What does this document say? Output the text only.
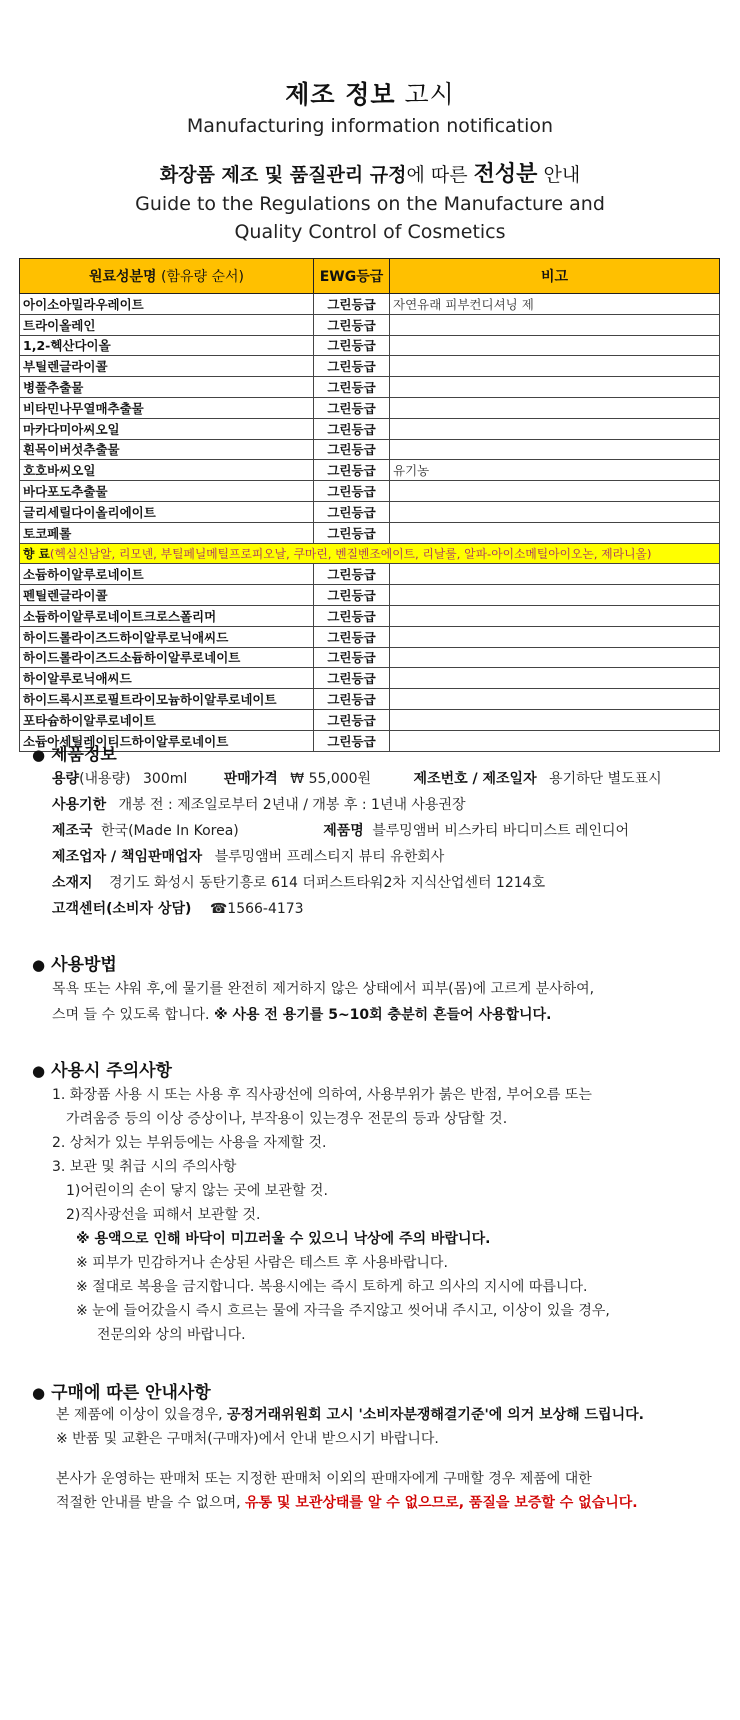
제조 정보 고시
Manufacturing information notification
화장품 제조 및 품질관리 규정에 따른 전성분 안내
Guide to the Regulations on the Manufacture and
Quality Control of Cosmetics
원료성분명 (함유량 순서)	EWG등급	비고
아이소아밀라우레이트	그린등급	자연유래 피부컨디셔닝 제
트라이올레인	그린등급	
1,2-헥산다이올	그린등급	
부틸렌글라이콜	그린등급	
병풀추출물	그린등급	
비타민나무열매추출물	그린등급	
마카다미아씨오일	그린등급	
흰목이버섯추출물	그린등급	
호호바씨오일	그린등급	유기농
바다포도추출물	그린등급	
글리세릴다이올리에이트	그린등급	
토코페롤	그린등급	
향 료(헥실신남알, 리모넨, 부틸페닐메틸프로피오날, 쿠마린, 벤질벤조에이트, 리날룰, 알파-아이소메틸아이오논, 제라니올)		
소듐하이알루로네이트	그린등급	
펜틸렌글라이콜	그린등급	
소듐하이알루로네이트크로스폴리머	그린등급	
하이드롤라이즈드하이알루로닉애씨드	그린등급	
하이드롤라이즈드소듐하이알루로네이트	그린등급	
하이알루로닉애씨드	그린등급	
하이드록시프로필트라이모늄하이알루로네이트	그린등급	
포타슘하이알루로네이트	그린등급	
소듐아세틸레이티드하이알루로네이트	그린등급	
● 제품정보
용량(내용량) 300ml	판매가격 ₩ 55,000원	제조번호 / 제조일자 용기하단 별도표시
사용기한 개봉 전 : 제조일로부터 2년내 / 개봉 후 : 1년내 사용권장
제조국 한국(Made In Korea)	제품명 블루밍앰버 비스카티 바디미스트 레인디어
제조업자 / 책임판매업자 블루밍앰버 프레스티지 뷰티 유한회사
소재지 경기도 화성시 동탄기흥로 614 더퍼스트타워2차 지식산업센터 1214호
고객센터(소비자 상담) ☎1566-4173
● 사용방법
목욕 또는 샤워 후,에 물기를 완전히 제거하지 않은 상태에서 피부(몸)에 고르게 분사하여,
스며 들 수 있도록 합니다. ※ 사용 전 용기를 5~10회 충분히 흔들어 사용합니다.
● 사용시 주의사항
1. 화장품 사용 시 또는 사용 후 직사광선에 의하여, 사용부위가 붉은 반점, 부어오름 또는
가려움증 등의 이상 증상이나, 부작용이 있는경우 전문의 등과 상담할 것.
2. 상처가 있는 부위등에는 사용을 자제할 것.
3. 보관 및 취급 시의 주의사항
1)어린이의 손이 닿지 않는 곳에 보관할 것.
2)직사광선을 피해서 보관할 것.
※ 용액으로 인해 바닥이 미끄러울 수 있으니 낙상에 주의 바랍니다.
※ 피부가 민감하거나 손상된 사람은 테스트 후 사용바랍니다.
※ 절대로 복용을 금지합니다. 복용시에는 즉시 토하게 하고 의사의 지시에 따릅니다.
※ 눈에 들어갔을시 즉시 흐르는 물에 자극을 주지않고 씻어내 주시고, 이상이 있을 경우,
전문의와 상의 바랍니다.
● 구매에 따른 안내사항
본 제품에 이상이 있을경우, 공정거래위원회 고시 '소비자분쟁해결기준'에 의거 보상해 드립니다.
※ 반품 및 교환은 구매처(구매자)에서 안내 받으시기 바랍니다.
본사가 운영하는 판매처 또는 지정한 판매처 이외의 판매자에게 구매할 경우 제품에 대한
적절한 안내를 받을 수 없으며, 유통 및 보관상태를 알 수 없으므로, 품질을 보증할 수 없습니다.
